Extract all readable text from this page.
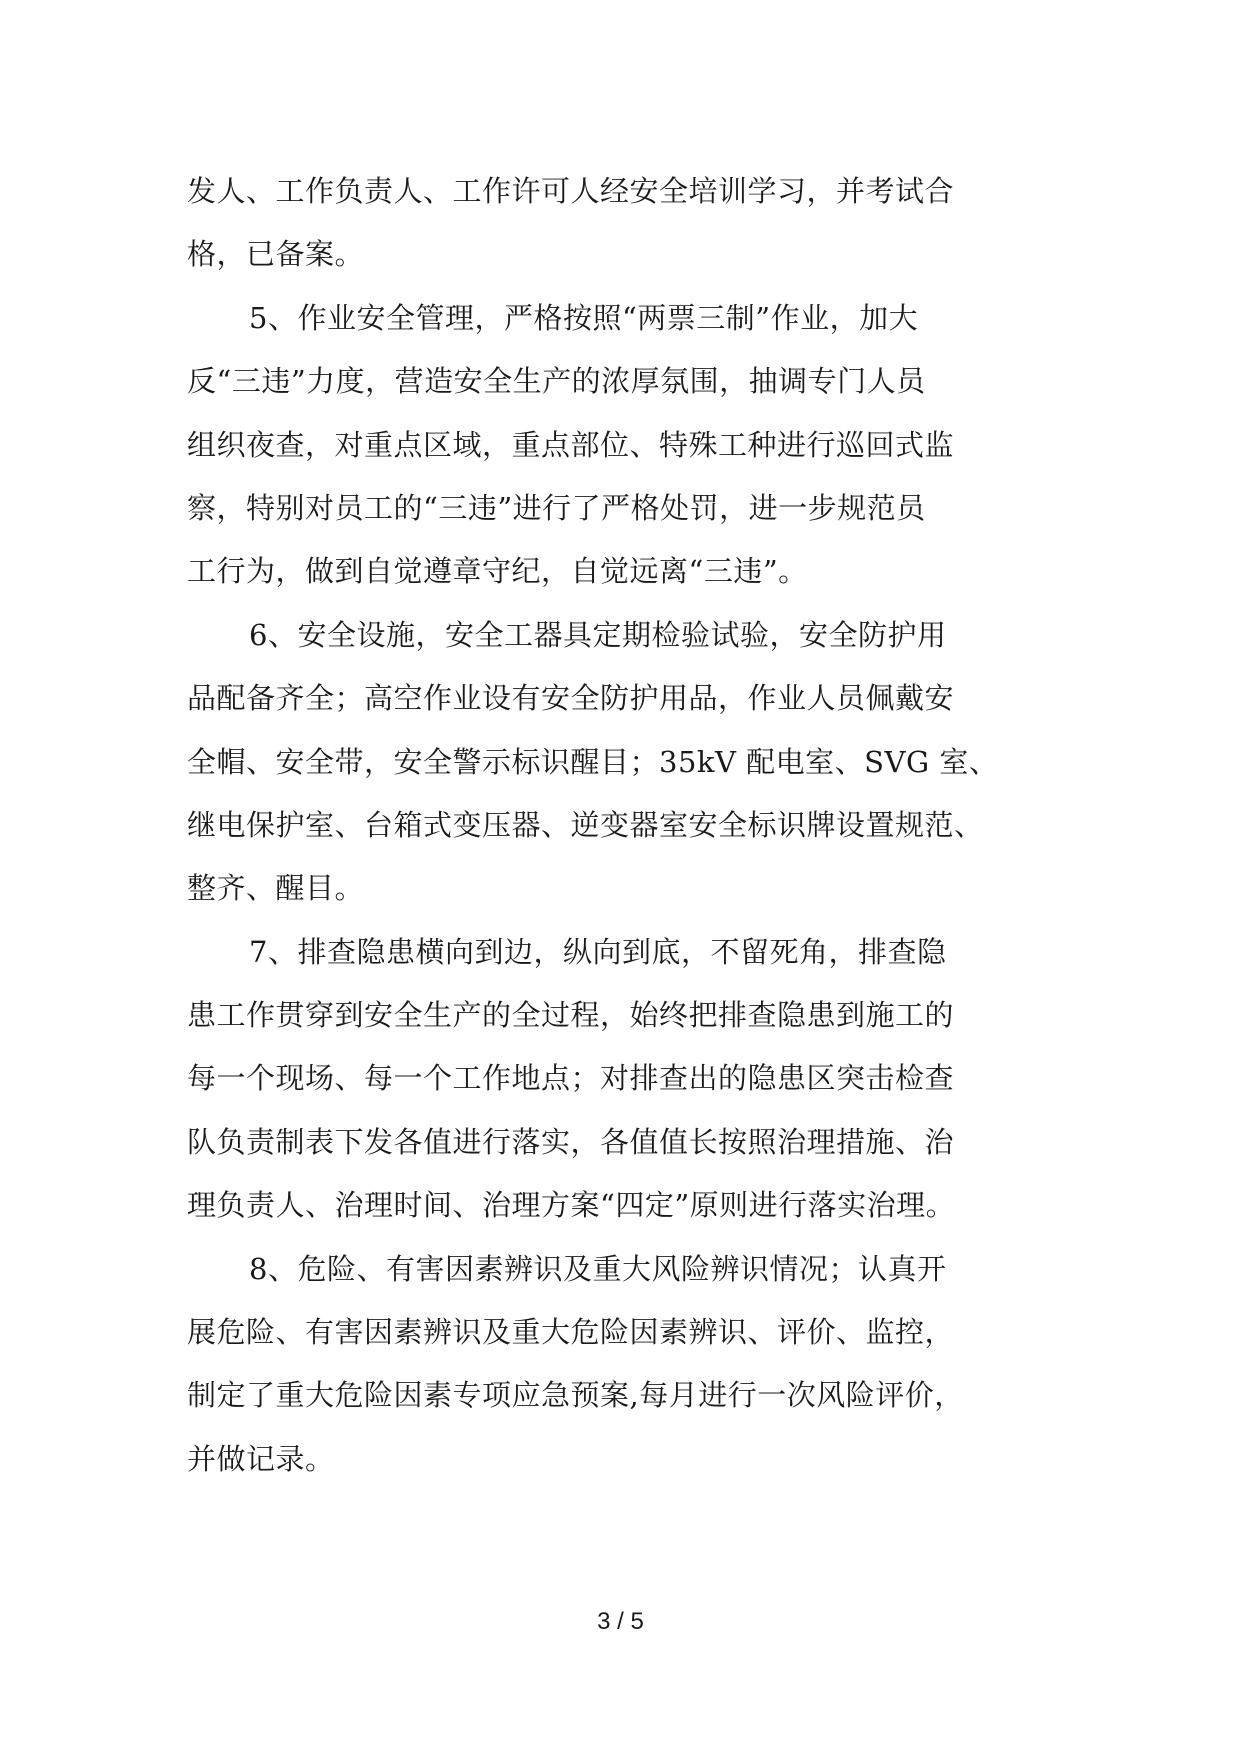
发人、工作负责人、工作许可人经安全培训学习，并考试合
格，已备案。
5、作业安全管理，严格按照“两票三制”作业，加大
反“三违”力度，营造安全生产的浓厚氛围，抽调专门人员
组织夜查，对重点区域，重点部位、特殊工种进行巡回式监
察，特别对员工的“三违”进行了严格处罚，进一步规范员
工行为，做到自觉遵章守纪，自觉远离“三违”。
6、安全设施，安全工器具定期检验试验，安全防护用
品配备齐全；高空作业设有安全防护用品，作业人员佩戴安
全帽、安全带，安全警示标识醒目；35kV 配电室、SVG 室、
继电保护室、台箱式变压器、逆变器室安全标识牌设置规范、
整齐、醒目。
7、排查隐患横向到边，纵向到底，不留死角，排查隐
患工作贯穿到安全生产的全过程，始终把排查隐患到施工的
每一个现场、每一个工作地点；对排查出的隐患区突击检查
队负责制表下发各值进行落实，各值值长按照治理措施、治
理负责人、治理时间、治理方案“四定”原则进行落实治理。
8、危险、有害因素辨识及重大风险辨识情况；认真开
展危险、有害因素辨识及重大危险因素辨识、评价、监控，
制定了重大危险因素专项应急预案,每月进行一次风险评价，
并做记录。
3 / 5
